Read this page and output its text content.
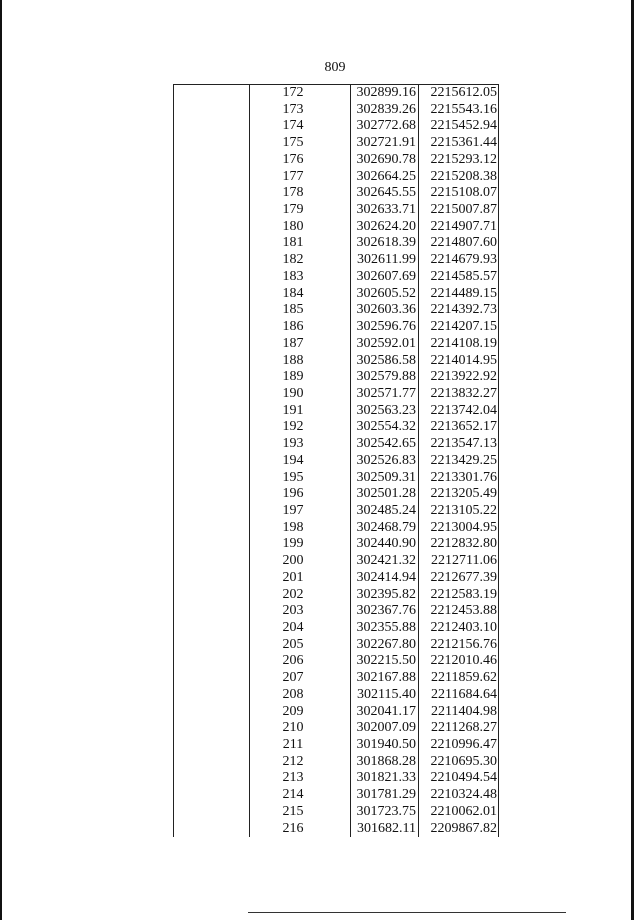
809
172	302899.16	2215612.05
173	302839.26	2215543.16
174	302772.68	2215452.94
175	302721.91	2215361.44
176	302690.78	2215293.12
177	302664.25	2215208.38
178	302645.55	2215108.07
179	302633.71	2215007.87
180	302624.20	2214907.71
181	302618.39	2214807.60
182	302611.99	2214679.93
183	302607.69	2214585.57
184	302605.52	2214489.15
185	302603.36	2214392.73
186	302596.76	2214207.15
187	302592.01	2214108.19
188	302586.58	2214014.95
189	302579.88	2213922.92
190	302571.77	2213832.27
191	302563.23	2213742.04
192	302554.32	2213652.17
193	302542.65	2213547.13
194	302526.83	2213429.25
195	302509.31	2213301.76
196	302501.28	2213205.49
197	302485.24	2213105.22
198	302468.79	2213004.95
199	302440.90	2212832.80
200	302421.32	2212711.06
201	302414.94	2212677.39
202	302395.82	2212583.19
203	302367.76	2212453.88
204	302355.88	2212403.10
205	302267.80	2212156.76
206	302215.50	2212010.46
207	302167.88	2211859.62
208	302115.40	2211684.64
209	302041.17	2211404.98
210	302007.09	2211268.27
211	301940.50	2210996.47
212	301868.28	2210695.30
213	301821.33	2210494.54
214	301781.29	2210324.48
215	301723.75	2210062.01
216	301682.11	2209867.82
